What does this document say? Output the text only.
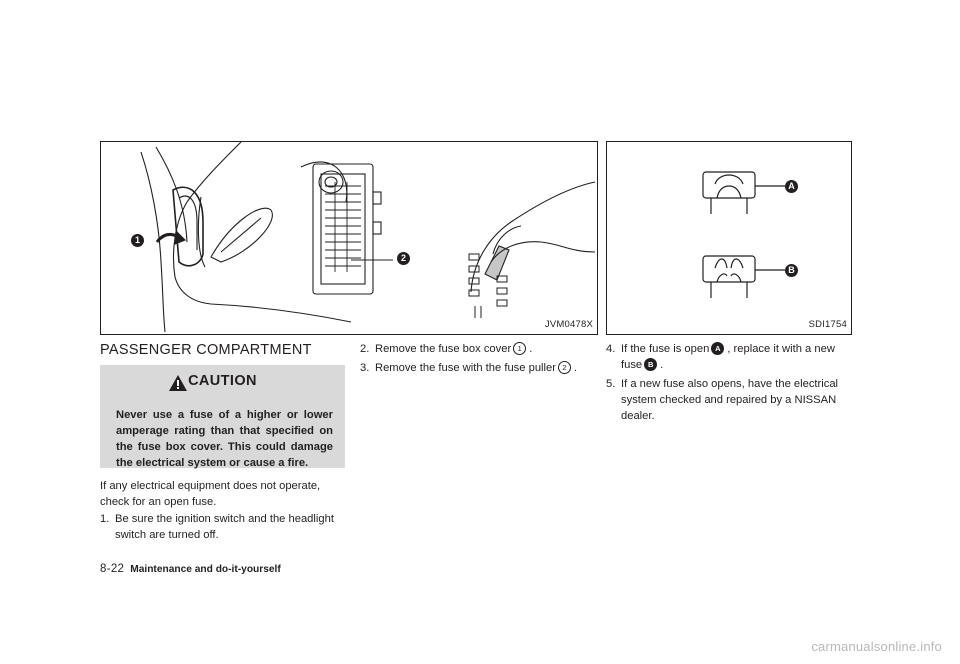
1
2
JVM0478X
A
B
SDI1754
PASSENGER COMPARTMENT
CAUTION
Never use a fuse of a higher or lower amperage rating than that specified on the fuse box cover. This could damage the electrical system or cause a fire.

If any electrical equipment does not operate, check for an open fuse.

1. Be sure the ignition switch and the headlight switch are turned off.
2. Remove the fuse box cover 1 .
3. Remove the fuse with the fuse puller 2 .
4. If the fuse is open A , replace it with a new fuse B .
5. If a new fuse also opens, have the electrical system checked and repaired by a NISSAN dealer.
8-22 Maintenance and do-it-yourself
carmanualsonline.info
